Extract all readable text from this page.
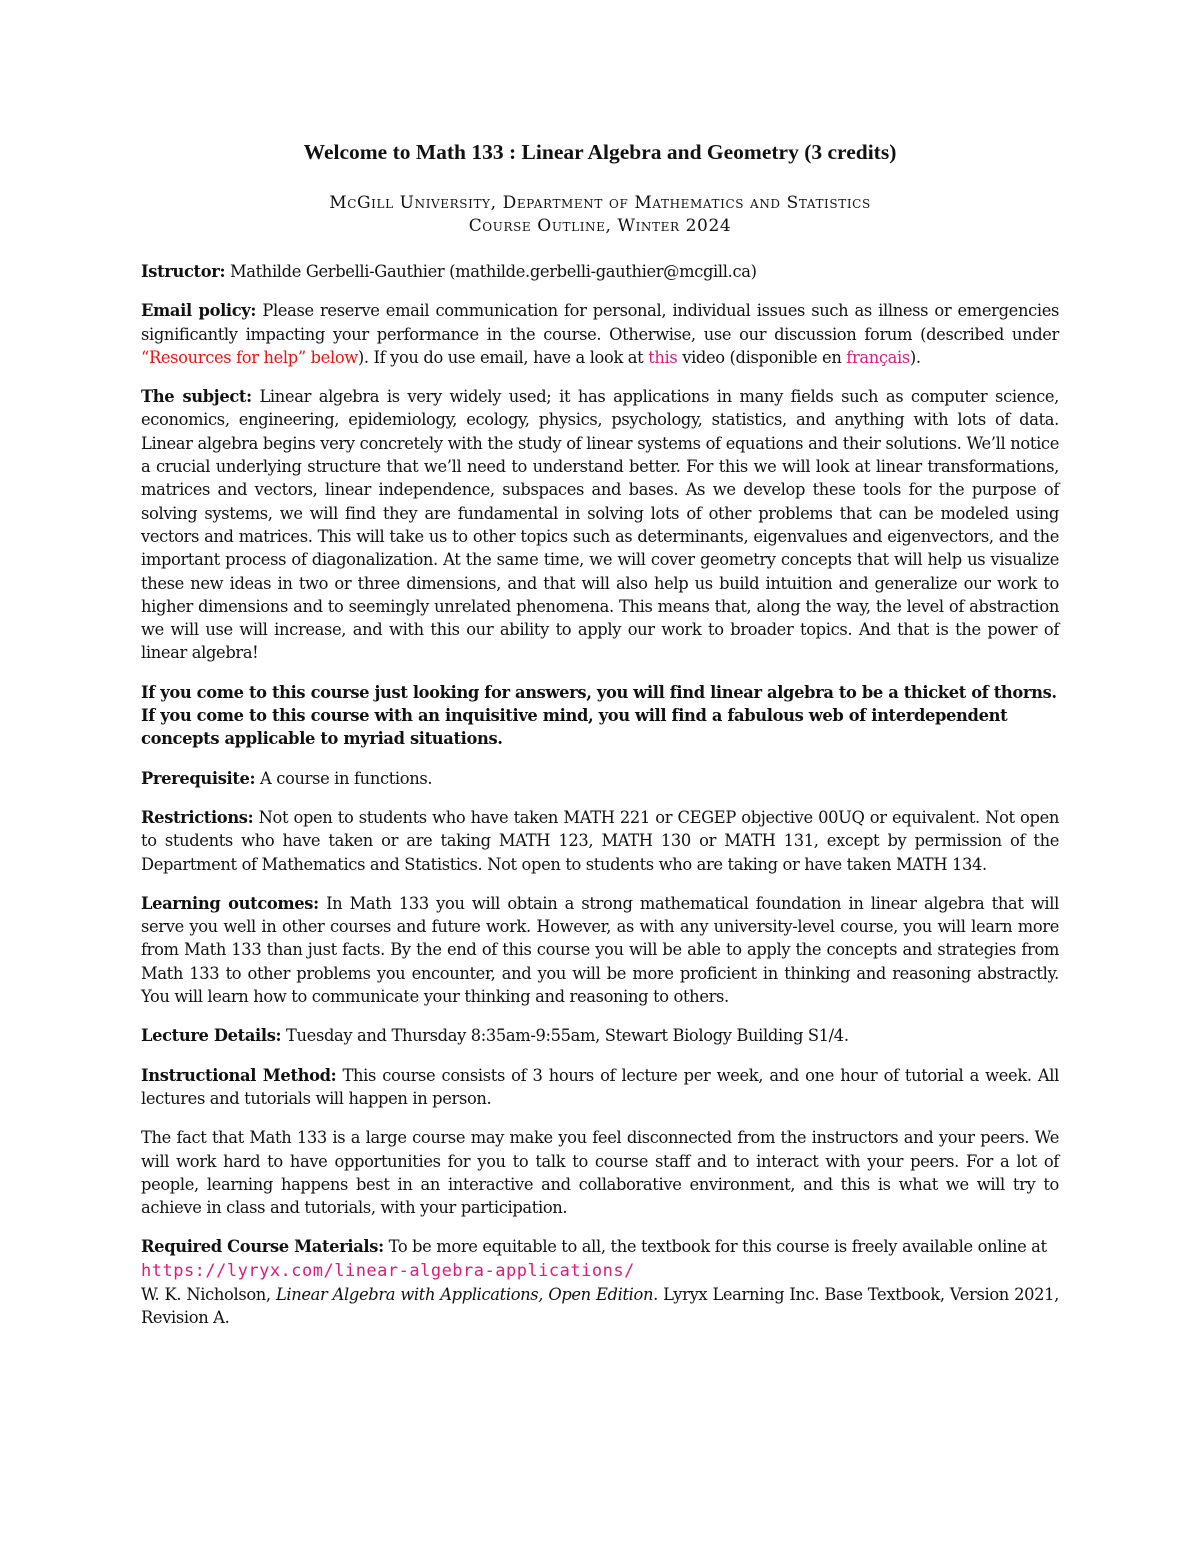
Welcome to Math 133 : Linear Algebra and Geometry (3 credits)
McGill University, Department of Mathematics and Statistics
Course Outline, Winter 2024

Istructor: Mathilde Gerbelli-Gauthier (mathilde.gerbelli-gauthier@mcgill.ca)

Email policy: Please reserve email communication for personal, individual issues such as illness or emergencies significantly impacting your performance in the course. Otherwise, use our discussion forum (described under “Resources for help” below). If you do use email, have a look at this video (disponible en français).

The subject: Linear algebra is very widely used; it has applications in many fields such as computer science, economics, engineering, epidemiology, ecology, physics, psychology, statistics, and anything with lots of data. Linear algebra begins very concretely with the study of linear systems of equations and their solutions. We’ll notice a crucial underlying structure that we’ll need to understand better. For this we will look at linear transformations, matrices and vectors, linear independence, subspaces and bases. As we develop these tools for the purpose of solving systems, we will find they are fundamental in solving lots of other problems that can be modeled using vectors and matrices. This will take us to other topics such as determinants, eigenvalues and eigenvectors, and the important process of diagonalization. At the same time, we will cover geometry concepts that will help us visualize these new ideas in two or three dimensions, and that will also help us build intuition and generalize our work to higher dimensions and to seemingly unrelated phenomena. This means that, along the way, the level of abstraction we will use will increase, and with this our ability to apply our work to broader topics. And that is the power of linear algebra!

If you come to this course just looking for answers, you will find linear algebra to be a thicket of thorns. If you come to this course with an inquisitive mind, you will find a fabulous web of interdependent concepts applicable to myriad situations.

Prerequisite: A course in functions.

Restrictions: Not open to students who have taken MATH 221 or CEGEP objective 00UQ or equivalent. Not open to students who have taken or are taking MATH 123, MATH 130 or MATH 131, except by permission of the Department of Mathematics and Statistics. Not open to students who are taking or have taken MATH 134.

Learning outcomes: In Math 133 you will obtain a strong mathematical foundation in linear algebra that will serve you well in other courses and future work. However, as with any university-level course, you will learn more from Math 133 than just facts. By the end of this course you will be able to apply the concepts and strategies from Math 133 to other problems you encounter, and you will be more proficient in thinking and reasoning abstractly. You will learn how to communicate your thinking and reasoning to others.

Lecture Details: Tuesday and Thursday 8:35am-9:55am, Stewart Biology Building S1/4.

Instructional Method: This course consists of 3 hours of lecture per week, and one hour of tutorial a week. All lectures and tutorials will happen in person.

The fact that Math 133 is a large course may make you feel disconnected from the instructors and your peers. We will work hard to have opportunities for you to talk to course staff and to interact with your peers. For a lot of people, learning happens best in an interactive and collaborative environment, and this is what we will try to achieve in class and tutorials, with your participation.

Required Course Materials: To be more equitable to all, the textbook for this course is freely available online at
https://lyryx.com/linear-algebra-applications/
W. K. Nicholson, Linear Algebra with Applications, Open Edition. Lyryx Learning Inc. Base Textbook, Version 2021, Revision A.
